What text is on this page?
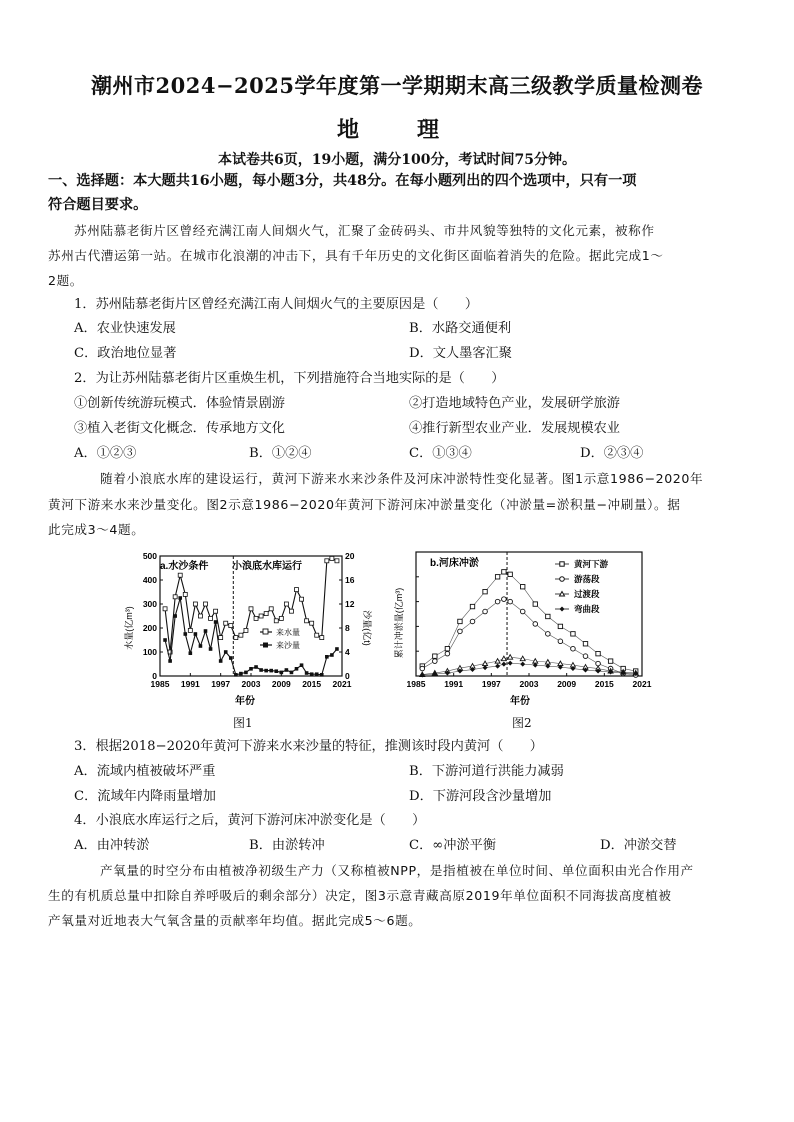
潮州市2024−2025学年度第一学期期末高三级教学质量检测卷
地　理
本试卷共6页，19小题，满分100分，考试时间75分钟。
一、选择题：本大题共16小题，每小题3分，共48分。在每小题列出的四个选项中，只有一项
符合题目要求。
苏州陆慕老街片区曾经充满江南人间烟火气，汇聚了金砖码头、市井风貌等独特的文化元素，被称作
苏州古代漕运第一站。在城市化浪潮的冲击下，具有千年历史的文化街区面临着消失的危险。据此完成1～
2题。
1．苏州陆慕老街片区曾经充满江南人间烟火气的主要原因是（　　）
A．农业快速发展	B．水路交通便利
C．政治地位显著	D．文人墨客汇聚
2．为让苏州陆慕老街片区重焕生机，下列措施符合当地实际的是（　　）
①创新传统游玩模式．体验情景剧游	②打造地域特色产业，发展研学旅游
③植入老街文化概念．传承地方文化	④推行新型农业产业．发展规模农业
A．①②③	B．①②④	C．①③④	D．②③④
随着小浪底水库的建设运行，黄河下游来水来沙条件及河床冲淤特性变化显著。图1示意1986−2020年
黄河下游来水来沙量变化。图2示意1986−2020年黄河下游河床冲淤量变化（冲淤量=淤积量−冲刷量）。据
此完成3～4题。
1985 1991 1997 2003 2009 2015 2021
0
100
200
300
400
500
0
4
8
12
16
20
a.水沙条件 小浪底水库运行
水量(亿m³)	沙量(亿t)
年份
来水量
来沙量
图1
1985 1991 1997 2003 2009 2015 2021
b.河床冲淤
累计冲淤量(亿m³)
年份
黄河下游
游荡段
过渡段
弯曲段
图2
3．根据2018−2020年黄河下游来水来沙量的特征，推测该时段内黄河（　　）
A．流域内植被破坏严重	B．下游河道行洪能力减弱
C．流域年内降雨量增加	D．下游河段含沙量增加
4．小浪底水库运行之后，黄河下游河床冲淤变化是（　　）
A．由冲转淤	B．由淤转冲	C．∞冲淤平衡	D．冲淤交替
产氧量的时空分布由植被净初级生产力（又称植被NPP，是指植被在单位时间、单位面积由光合作用产
生的有机质总量中扣除自养呼吸后的剩余部分）决定，图3示意青藏高原2019年单位面积不同海拔高度植被
产氧量对近地表大气氧含量的贡献率年均值。据此完成5～6题。
